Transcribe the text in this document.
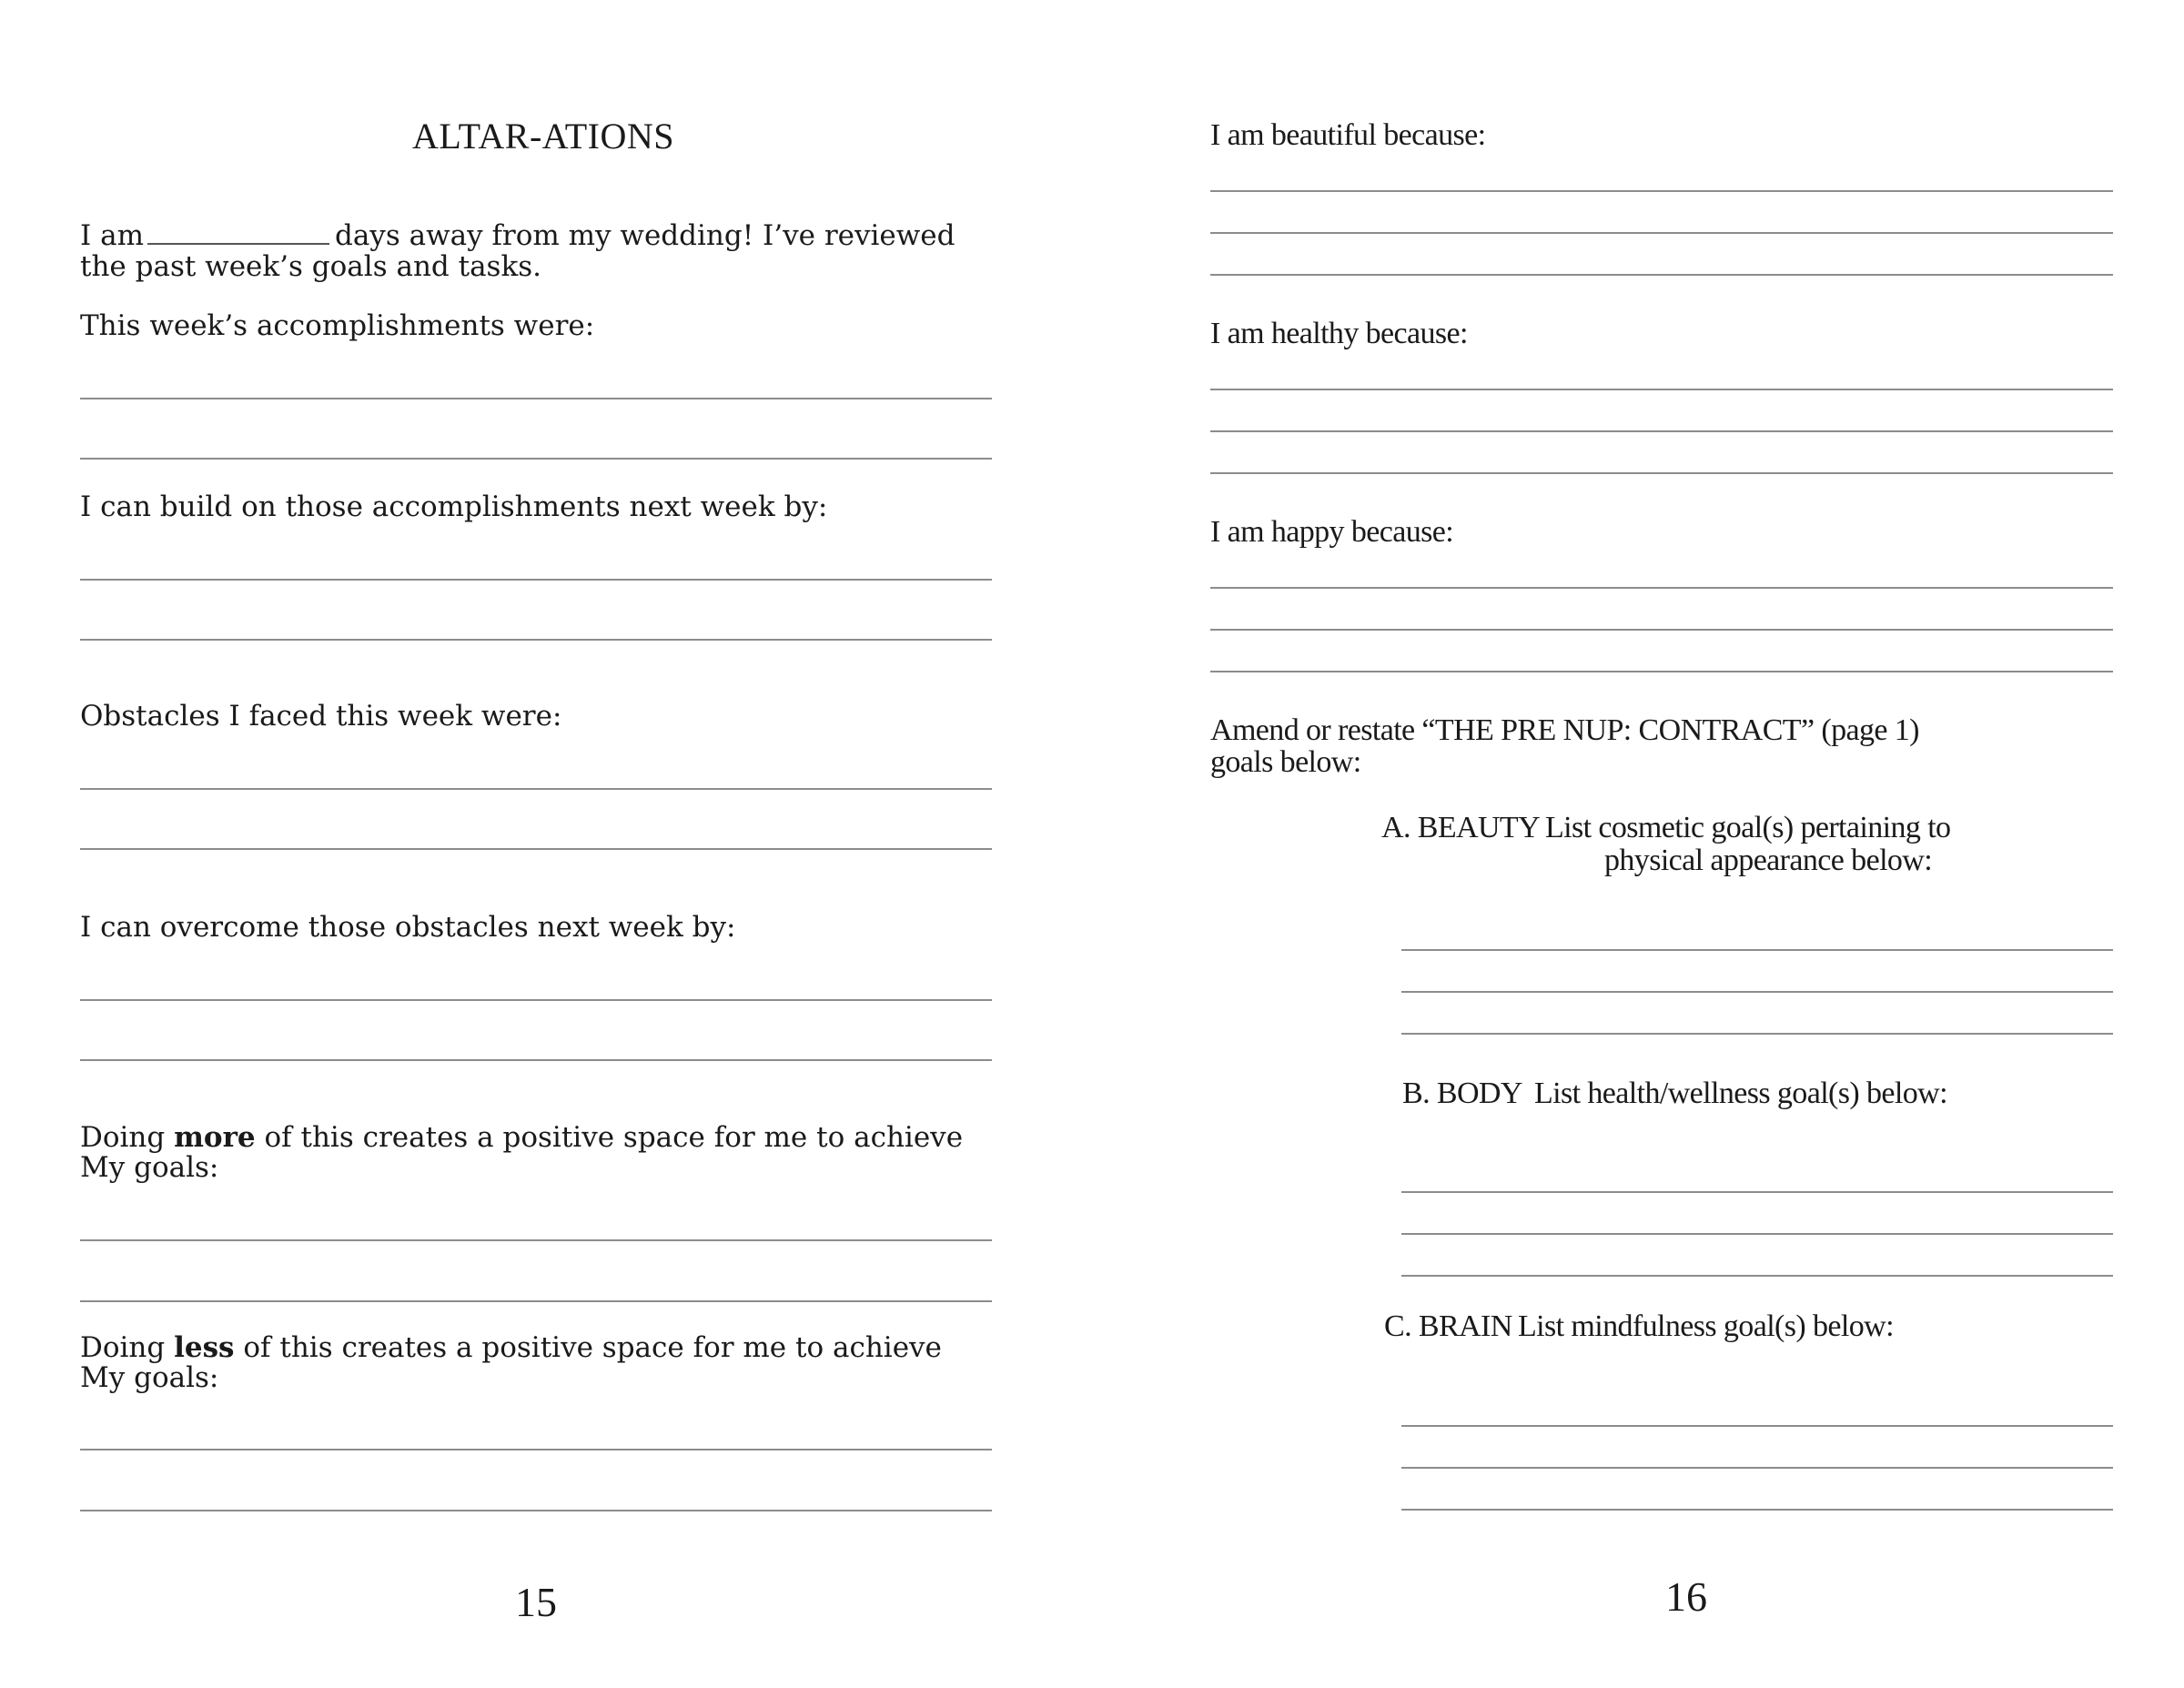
ALTAR-ATIONS
I am	days away from my wedding! I’ve reviewed
the past week’s goals and tasks.
This week’s accomplishments were:
I can build on those accomplishments next week by:
Obstacles I faced this week were:
I can overcome those obstacles next week by:
Doing more of this creates a positive space for me to achieve
My goals:
Doing less of this creates a positive space for me to achieve
My goals:
15
I am beautiful because:
I am healthy because:
I am happy because:
Amend or restate “THE PRE NUP: CONTRACT” (page 1)
goals below:
A. BEAUTY List cosmetic goal(s) pertaining to
physical appearance below:
B. BODY List health/wellness goal(s) below:
C. BRAIN List mindfulness goal(s) below:
16
